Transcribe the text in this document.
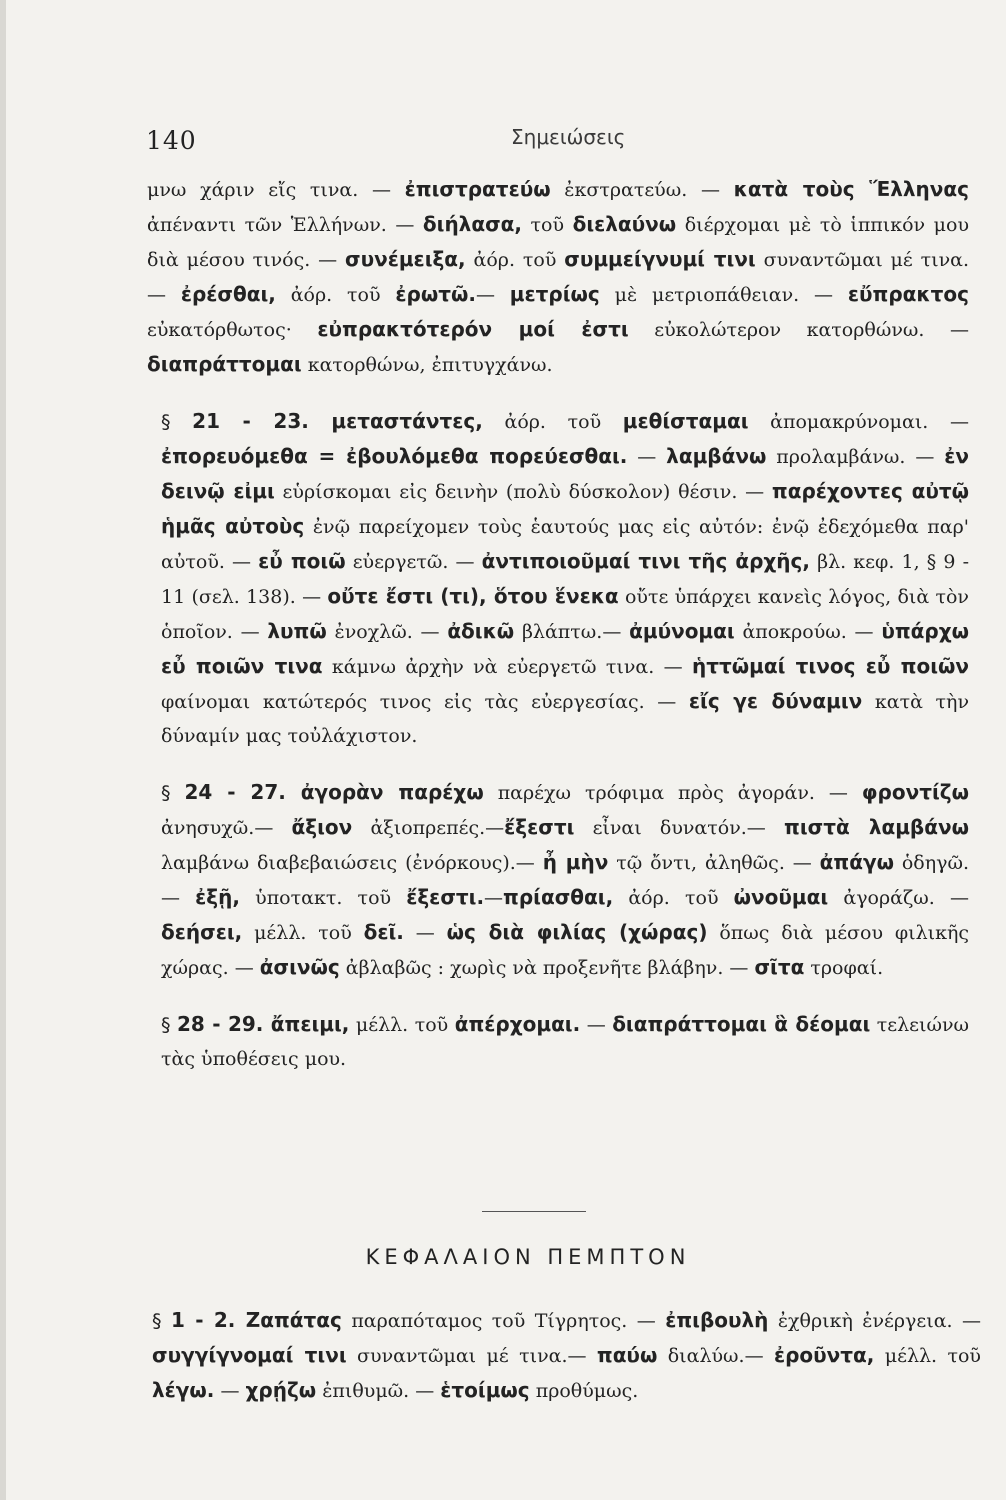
140	Σημειώσεις

μνω χάριν εἴς τινα. — ἐπιστρατεύω ἐκστρατεύω. — κατὰ τοὺς Ἕλληνας ἀπέναντι τῶν Ἑλλήνων. — διήλασα, τοῦ διελαύνω διέρχομαι μὲ τὸ ἱππικόν μου διὰ μέσου τινός. — συνέμειξα, ἀόρ. τοῦ συμμείγνυμί τινι συναντῶμαι μέ τινα. — ἐρέσθαι, ἀόρ. τοῦ ἐρωτῶ.— μετρίως μὲ μετριοπάθειαν. — εὔπρακτος εὐκατόρθωτος· εὐπρακτότερόν μοί ἐστι εὐκολώτερον κατορθώνω. — διαπράττομαι κατορθώνω, ἐπιτυγχάνω.

§ 21 - 23. μεταστάντες, ἀόρ. τοῦ μεθίσταμαι ἀπομακρύνομαι. — ἐπορευόμεθα = ἐβουλόμεθα πορεύεσθαι. — λαμβάνω προλαμβάνω. — ἐν δεινῷ εἰμι εὑρίσκομαι εἰς δεινὴν (πολὺ δύσκολον) θέσιν. — παρέχοντες αὐτῷ ἡμᾶς αὐτοὺς ἐνῷ παρείχομεν τοὺς ἑαυτούς μας εἰς αὐτόν: ἐνῷ ἐδεχόμεθα παρ' αὐτοῦ. — εὖ ποιῶ εὐεργετῶ. — ἀντιποιοῦμαί τινι τῆς ἀρχῆς, βλ. κεφ. 1, § 9 - 11 (σελ. 138). — οὔτε ἔστι (τι), ὅτου ἕνεκα οὔτε ὑπάρχει κανεὶς λόγος, διὰ τὸν ὁποῖον. — λυπῶ ἐνοχλῶ. — ἀδικῶ βλάπτω.— ἀμύνομαι ἀποκρούω. — ὑπάρχω εὖ ποιῶν τινα κάμνω ἀρχὴν νὰ εὐεργετῶ τινα. — ἡττῶμαί τινος εὖ ποιῶν φαίνομαι κατώτερός τινος εἰς τὰς εὐεργεσίας. — εἴς γε δύναμιν κατὰ τὴν δύναμίν μας τοὐλάχιστον.

§ 24 - 27. ἀγορὰν παρέχω παρέχω τρόφιμα πρὸς ἀγοράν. — φροντίζω ἀνησυχῶ.— ἄξιον ἀξιοπρεπές.—ἔξεστι εἶναι δυνατόν.— πιστὰ λαμβάνω λαμβάνω διαβεβαιώσεις (ἐνόρκους).— ἦ μὴν τῷ ὄντι, ἀληθῶς. — ἀπάγω ὁδηγῶ. — ἐξῇ, ὑποτακτ. τοῦ ἔξεστι.—πρίασθαι, ἀόρ. τοῦ ὠνοῦμαι ἀγοράζω. — δεήσει, μέλλ. τοῦ δεῖ. — ὡς διὰ φιλίας (χώρας) ὅπως διὰ μέσου φιλικῆς χώρας. — ἀσινῶς ἀβλαβῶς : χωρὶς νὰ προξενῆτε βλάβην. — σῖτα τροφαί.

§ 28 - 29. ἄπειμι, μέλλ. τοῦ ἀπέρχομαι. — διαπράττομαι ἃ δέομαι τελειώνω τὰς ὑποθέσεις μου.

ΚΕΦΑΛΑΙΟΝ ΠΕΜΠΤΟΝ

§ 1 - 2. Ζαπάτας παραπόταμος τοῦ Τίγρητος. — ἐπιβουλὴ ἐχθρικὴ ἐνέργεια. — συγγίγνομαί τινι συναντῶμαι μέ τινα.— παύω διαλύω.— ἐροῦντα, μέλλ. τοῦ λέγω. — χρῄζω ἐπιθυμῶ. — ἑτοίμως προθύμως.
